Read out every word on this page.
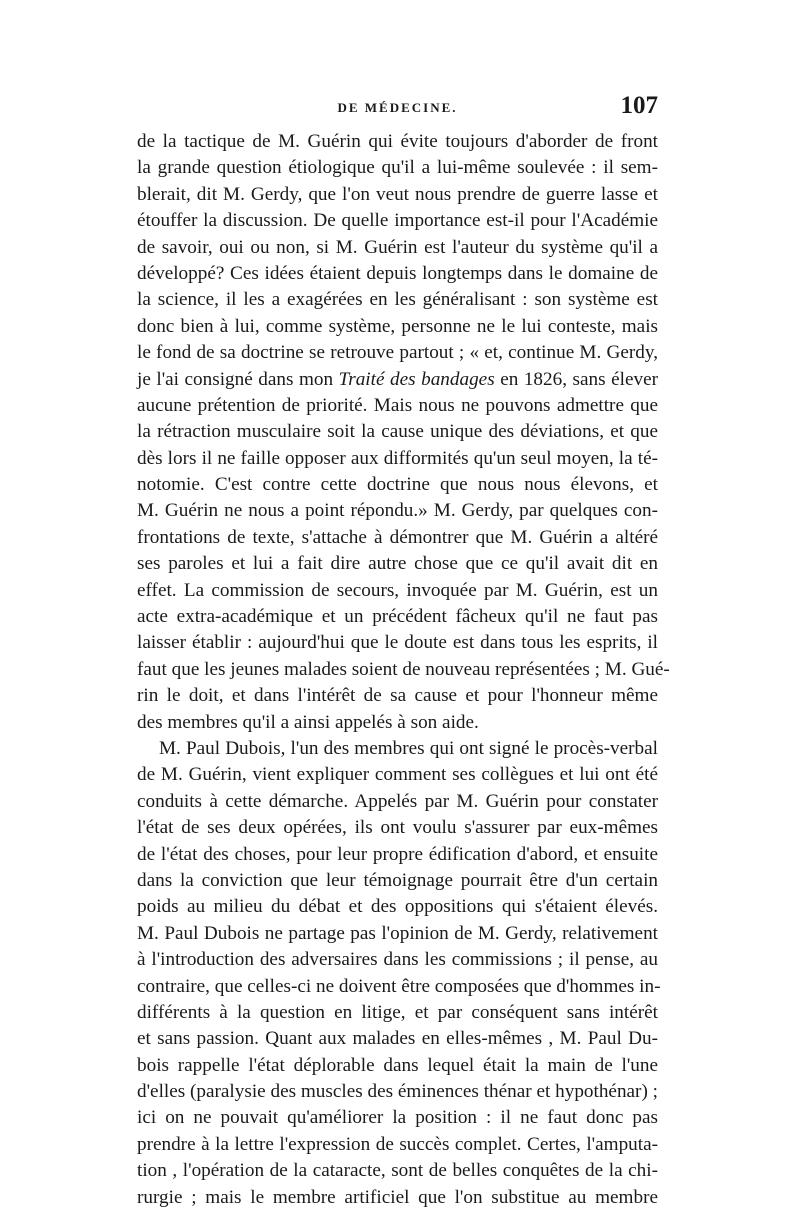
DE MÉDECINE.	107
de la tactique de M. Guérin qui évite toujours d'aborder de front
la grande question étiologique qu'il a lui-même soulevée : il sem-
blerait, dit M. Gerdy, que l'on veut nous prendre de guerre lasse et
étouffer la discussion. De quelle importance est-il pour l'Académie
de savoir, oui ou non, si M. Guérin est l'auteur du système qu'il a
développé? Ces idées étaient depuis longtemps dans le domaine de
la science, il les a exagérées en les généralisant : son système est
donc bien à lui, comme système, personne ne le lui conteste, mais
le fond de sa doctrine se retrouve partout ; « et, continue M. Gerdy,
je l'ai consigné dans mon Traité des bandages en 1826, sans élever
aucune prétention de priorité. Mais nous ne pouvons admettre que
la rétraction musculaire soit la cause unique des déviations, et que
dès lors il ne faille opposer aux difformités qu'un seul moyen, la té-
notomie. C'est contre cette doctrine que nous nous élevons, et
M. Guérin ne nous a point répondu.» M. Gerdy, par quelques con-
frontations de texte, s'attache à démontrer que M. Guérin a altéré
ses paroles et lui a fait dire autre chose que ce qu'il avait dit en
effet. La commission de secours, invoquée par M. Guérin, est un
acte extra-académique et un précédent fâcheux qu'il ne faut pas
laisser établir : aujourd'hui que le doute est dans tous les esprits, il
faut que les jeunes malades soient de nouveau représentées ; M. Gué-
rin le doit, et dans l'intérêt de sa cause et pour l'honneur même
des membres qu'il a ainsi appelés à son aide.
M. Paul Dubois, l'un des membres qui ont signé le procès-verbal
de M. Guérin, vient expliquer comment ses collègues et lui ont été
conduits à cette démarche. Appelés par M. Guérin pour constater
l'état de ses deux opérées, ils ont voulu s'assurer par eux-mêmes
de l'état des choses, pour leur propre édification d'abord, et ensuite
dans la conviction que leur témoignage pourrait être d'un certain
poids au milieu du débat et des oppositions qui s'étaient élevés.
M. Paul Dubois ne partage pas l'opinion de M. Gerdy, relativement
à l'introduction des adversaires dans les commissions ; il pense, au
contraire, que celles-ci ne doivent être composées que d'hommes in-
différents à la question en litige, et par conséquent sans intérêt
et sans passion. Quant aux malades en elles-mêmes , M. Paul Du-
bois rappelle l'état déplorable dans lequel était la main de l'une
d'elles (paralysie des muscles des éminences thénar et hypothénar) ;
ici on ne pouvait qu'améliorer la position : il ne faut donc pas
prendre à la lettre l'expression de succès complet. Certes, l'amputa-
tion , l'opération de la cataracte, sont de belles conquêtes de la chi-
rurgie ; mais le membre artificiel que l'on substitue au membre
